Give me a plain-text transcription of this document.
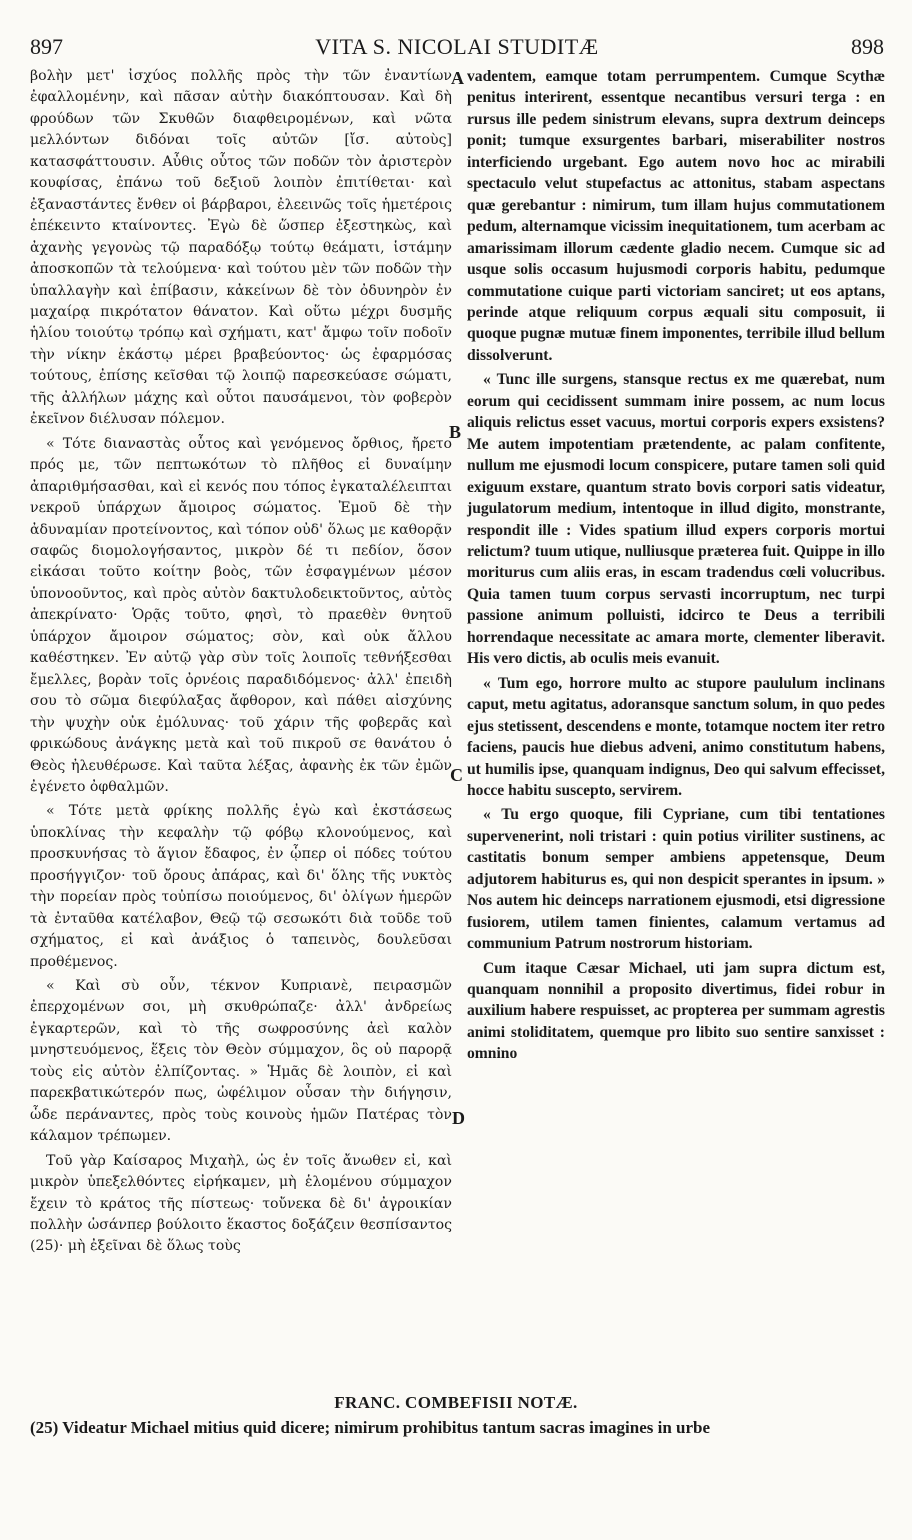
897	VITA S. NICOLAI STUDITÆ	898

βολὴν μετ' ἰσχύος πολλῆς πρὸς τὴν τῶν ἐναντίων ἐφαλλομένην, καὶ πᾶσαν αὐτὴν διακόπτουσαν. Καὶ δὴ φρούδων τῶν Σκυθῶν διαφθειρομένων, καὶ νῶτα μελλόντων διδόναι τοῖς αὐτῶν [ἴσ. αὐτοὺς] κατασφάττουσιν. Αὖθις οὗτος τῶν ποδῶν τὸν ἀριστερὸν κουφίσας, ἐπάνω τοῦ δεξιοῦ λοιπὸν ἐπιτίθεται· καὶ ἐξαναστάντες ἔνθεν οἱ βάρβαροι, ἐλεεινῶς τοῖς ἡμετέροις ἐπέκειντο κταίνοντες. Ἐγὼ δὲ ὥσπερ ἐξεστηκὼς, καὶ ἀχανὴς γεγονὼς τῷ παραδόξῳ τούτῳ θεάματι, ἱστάμην ἀποσκοπῶν τὰ τελούμενα· καὶ τούτου μὲν τῶν ποδῶν τὴν ὑπαλλαγὴν καὶ ἐπίβασιν, κἀκείνων δὲ τὸν ὀδυνηρὸν ἐν μαχαίρᾳ πικρότατον θάνατον. Καὶ οὕτω μέχρι δυσμῆς ἡλίου τοιούτῳ τρόπῳ καὶ σχήματι, κατ' ἄμφω τοῖν ποδοῖν τὴν νίκην ἑκάστῳ μέρει βραβεύοντος· ὡς ἐφαρμόσας τούτους, ἐπίσης κεῖσθαι τῷ λοιπῷ παρεσκεύασε σώματι, τῆς ἀλλήλων μάχης καὶ οὗτοι παυσάμενοι, τὸν φοβερὸν ἐκεῖνον διέλυσαν πόλεμον.

« Τότε διαναστὰς οὗτος καὶ γενόμενος ὄρθιος, ἤρετο πρός με, τῶν πεπτωκότων τὸ πλῆθος εἰ δυναίμην ἀπαριθμήσασθαι, καὶ εἰ κενός που τόπος ἐγκαταλέλειπται νεκροῦ ὑπάρχων ἄμοιρος σώματος. Ἐμοῦ δὲ τὴν ἀδυναμίαν προτείνοντος, καὶ τόπον οὐδ' ὅλως με καθορᾷν σαφῶς διομολογήσαντος, μικρὸν δέ τι πεδίον, ὅσον εἰκάσαι τοῦτο κοίτην βοὸς, τῶν ἐσφαγμένων μέσον ὑπονοοῦντος, καὶ πρὸς αὐτὸν δακτυλοδεικτοῦντος, αὐτὸς ἀπεκρίνατο· Ὁρᾷς τοῦτο, φησὶ, τὸ πραεθὲν θνητοῦ ὑπάρχον ἄμοιρον σώματος; σὸν, καὶ οὐκ ἄλλου καθέστηκεν. Ἐν αὐτῷ γὰρ σὺν τοῖς λοιποῖς τεθνήξεσθαι ἔμελλες, βορὰν τοῖς ὀρνέοις παραδιδόμενος· ἀλλ' ἐπειδὴ σου τὸ σῶμα διεφύλαξας ἄφθορον, καὶ πάθει αἰσχύνης τὴν ψυχὴν οὐκ ἐμόλυνας· τοῦ χάριν τῆς φοβερᾶς καὶ φρικώδους ἀνάγκης μετὰ καὶ τοῦ πικροῦ σε θανάτου ὁ Θεὸς ἠλευθέρωσε. Καὶ ταῦτα λέξας, ἀφανὴς ἐκ τῶν ἐμῶν ἐγένετο ὀφθαλμῶν.

« Τότε μετὰ φρίκης πολλῆς ἐγὼ καὶ ἐκστάσεως ὑποκλίνας τὴν κεφαλὴν τῷ φόβῳ κλονούμενος, καὶ προσκυνήσας τὸ ἅγιον ἔδαφος, ἐν ᾧπερ οἱ πόδες τούτου προσήγγιζον· τοῦ ὄρους ἀπάρας, καὶ δι' ὅλης τῆς νυκτὸς τὴν πορείαν πρὸς τοὐπίσω ποιούμενος, δι' ὀλίγων ἡμερῶν τὰ ἐνταῦθα κατέλαβον, Θεῷ τῷ σεσωκότι διὰ τοῦδε τοῦ σχήματος, εἰ καὶ ἀνάξιος ὁ ταπεινὸς, δουλεῦσαι προθέμενος.

« Καὶ σὺ οὖν, τέκνον Κυπριανὲ, πειρασμῶν ἐπερχομένων σοι, μὴ σκυθρώπαζε· ἀλλ' ἀνδρείως ἐγκαρτερῶν, καὶ τὸ τῆς σωφροσύνης ἀεὶ καλὸν μνηστευόμενος, ἕξεις τὸν Θεὸν σύμμαχον, ὃς οὐ παρορᾷ τοὺς εἰς αὐτὸν ἐλπίζοντας. » Ἡμᾶς δὲ λοιπὸν, εἰ καὶ παρεκβατικώτερόν πως, ὠφέλιμον οὖσαν τὴν διήγησιν, ὧδε περάναντες, πρὸς τοὺς κοινοὺς ἡμῶν Πατέρας τὸν κάλαμον τρέπωμεν.

Τοῦ γὰρ Καίσαρος Μιχαὴλ, ὡς ἐν τοῖς ἄνωθεν εἰ, καὶ μικρὸν ὑπεξελθόντες εἰρήκαμεν, μὴ ἑλομένου σύμμαχον ἔχειν τὸ κράτος τῆς πίστεως· τοὔνεκα δὲ δι' ἀγροικίαν πολλὴν ὡσάνπερ βούλοιτο ἕκαστος δοξάζειν θεσπίσαντος (25)· μὴ ἐξεῖναι δὲ ὅλως τοὺς

vadentem, eamque totam perrumpentem. Cumque Scythæ penitus interirent, essentque necantibus versuri terga : en rursus ille pedem sinistrum elevans, supra dextrum deinceps ponit; tumque exsurgentes barbari, miserabiliter nostros interficiendo urgebant. Ego autem novo hoc ac mirabili spectaculo velut stupefactus ac attonitus, stabam aspectans quæ gerebantur : nimirum, tum illam hujus commutationem pedum, alternamque vicissim inequitationem, tum acerbam ac amarissimam illorum cædente gladio necem. Cumque sic ad usque solis occasum hujusmodi corporis habitu, pedumque commutatione cuique parti victoriam sanciret; ut eos aptans, perinde atque reliquum corpus æquali situ composuit, ii quoque pugnæ mutuæ finem imponentes, terribile illud bellum dissolverunt.

« Tunc ille surgens, stansque rectus ex me quærebat, num eorum qui cecidissent summam inire possem, ac num locus aliquis relictus esset vacuus, mortui corporis expers exsistens? Me autem impotentiam prætendente, ac palam confitente, nullum me ejusmodi locum conspicere, putare tamen soli quid exiguum exstare, quantum strato bovis corpori satis videatur, jugulatorum medium, intentoque in illud digito, monstrante, respondit ille : Vides spatium illud expers corporis mortui relictum? tuum utique, nulliusque præterea fuit. Quippe in illo moriturus cum aliis eras, in escam tradendus cœli volucribus. Quia tamen tuum corpus servasti incorruptum, nec turpi passione animum polluisti, idcirco te Deus a terribili horrendaque necessitate ac amara morte, clementer liberavit. His vero dictis, ab oculis meis evanuit.

« Tum ego, horrore multo ac stupore paululum inclinans caput, metu agitatus, adoransque sanctum solum, in quo pedes ejus stetissent, descendens e monte, totamque noctem iter retro faciens, paucis hue diebus adveni, animo constitutum habens, ut humilis ipse, quanquam indignus, Deo qui salvum effecisset, hocce habitu suscepto, servirem.

« Tu ergo quoque, fili Cypriane, cum tibi tentationes supervenerint, noli tristari : quin potius viriliter sustinens, ac castitatis bonum semper ambiens appetensque, Deum adjutorem habiturus es, qui non despicit sperantes in ipsum. » Nos autem hic deinceps narrationem ejusmodi, etsi digressione fusiorem, utilem tamen finientes, calamum vertamus ad communium Patrum nostrorum historiam.

Cum itaque Cæsar Michael, uti jam supra dictum est, quanquam nonnihil a proposito divertimus, fidei robur in auxilium habere respuisset, ac propterea per summam agrestis animi stoliditatem, quemque pro libito suo sentire sanxisset : omnino

A
B
C
D
FRANC. COMBEFISII NOTÆ.
(25) Videatur Michael mitius quid dicere; nimirum prohibitus tantum sacras imagines in urbe
